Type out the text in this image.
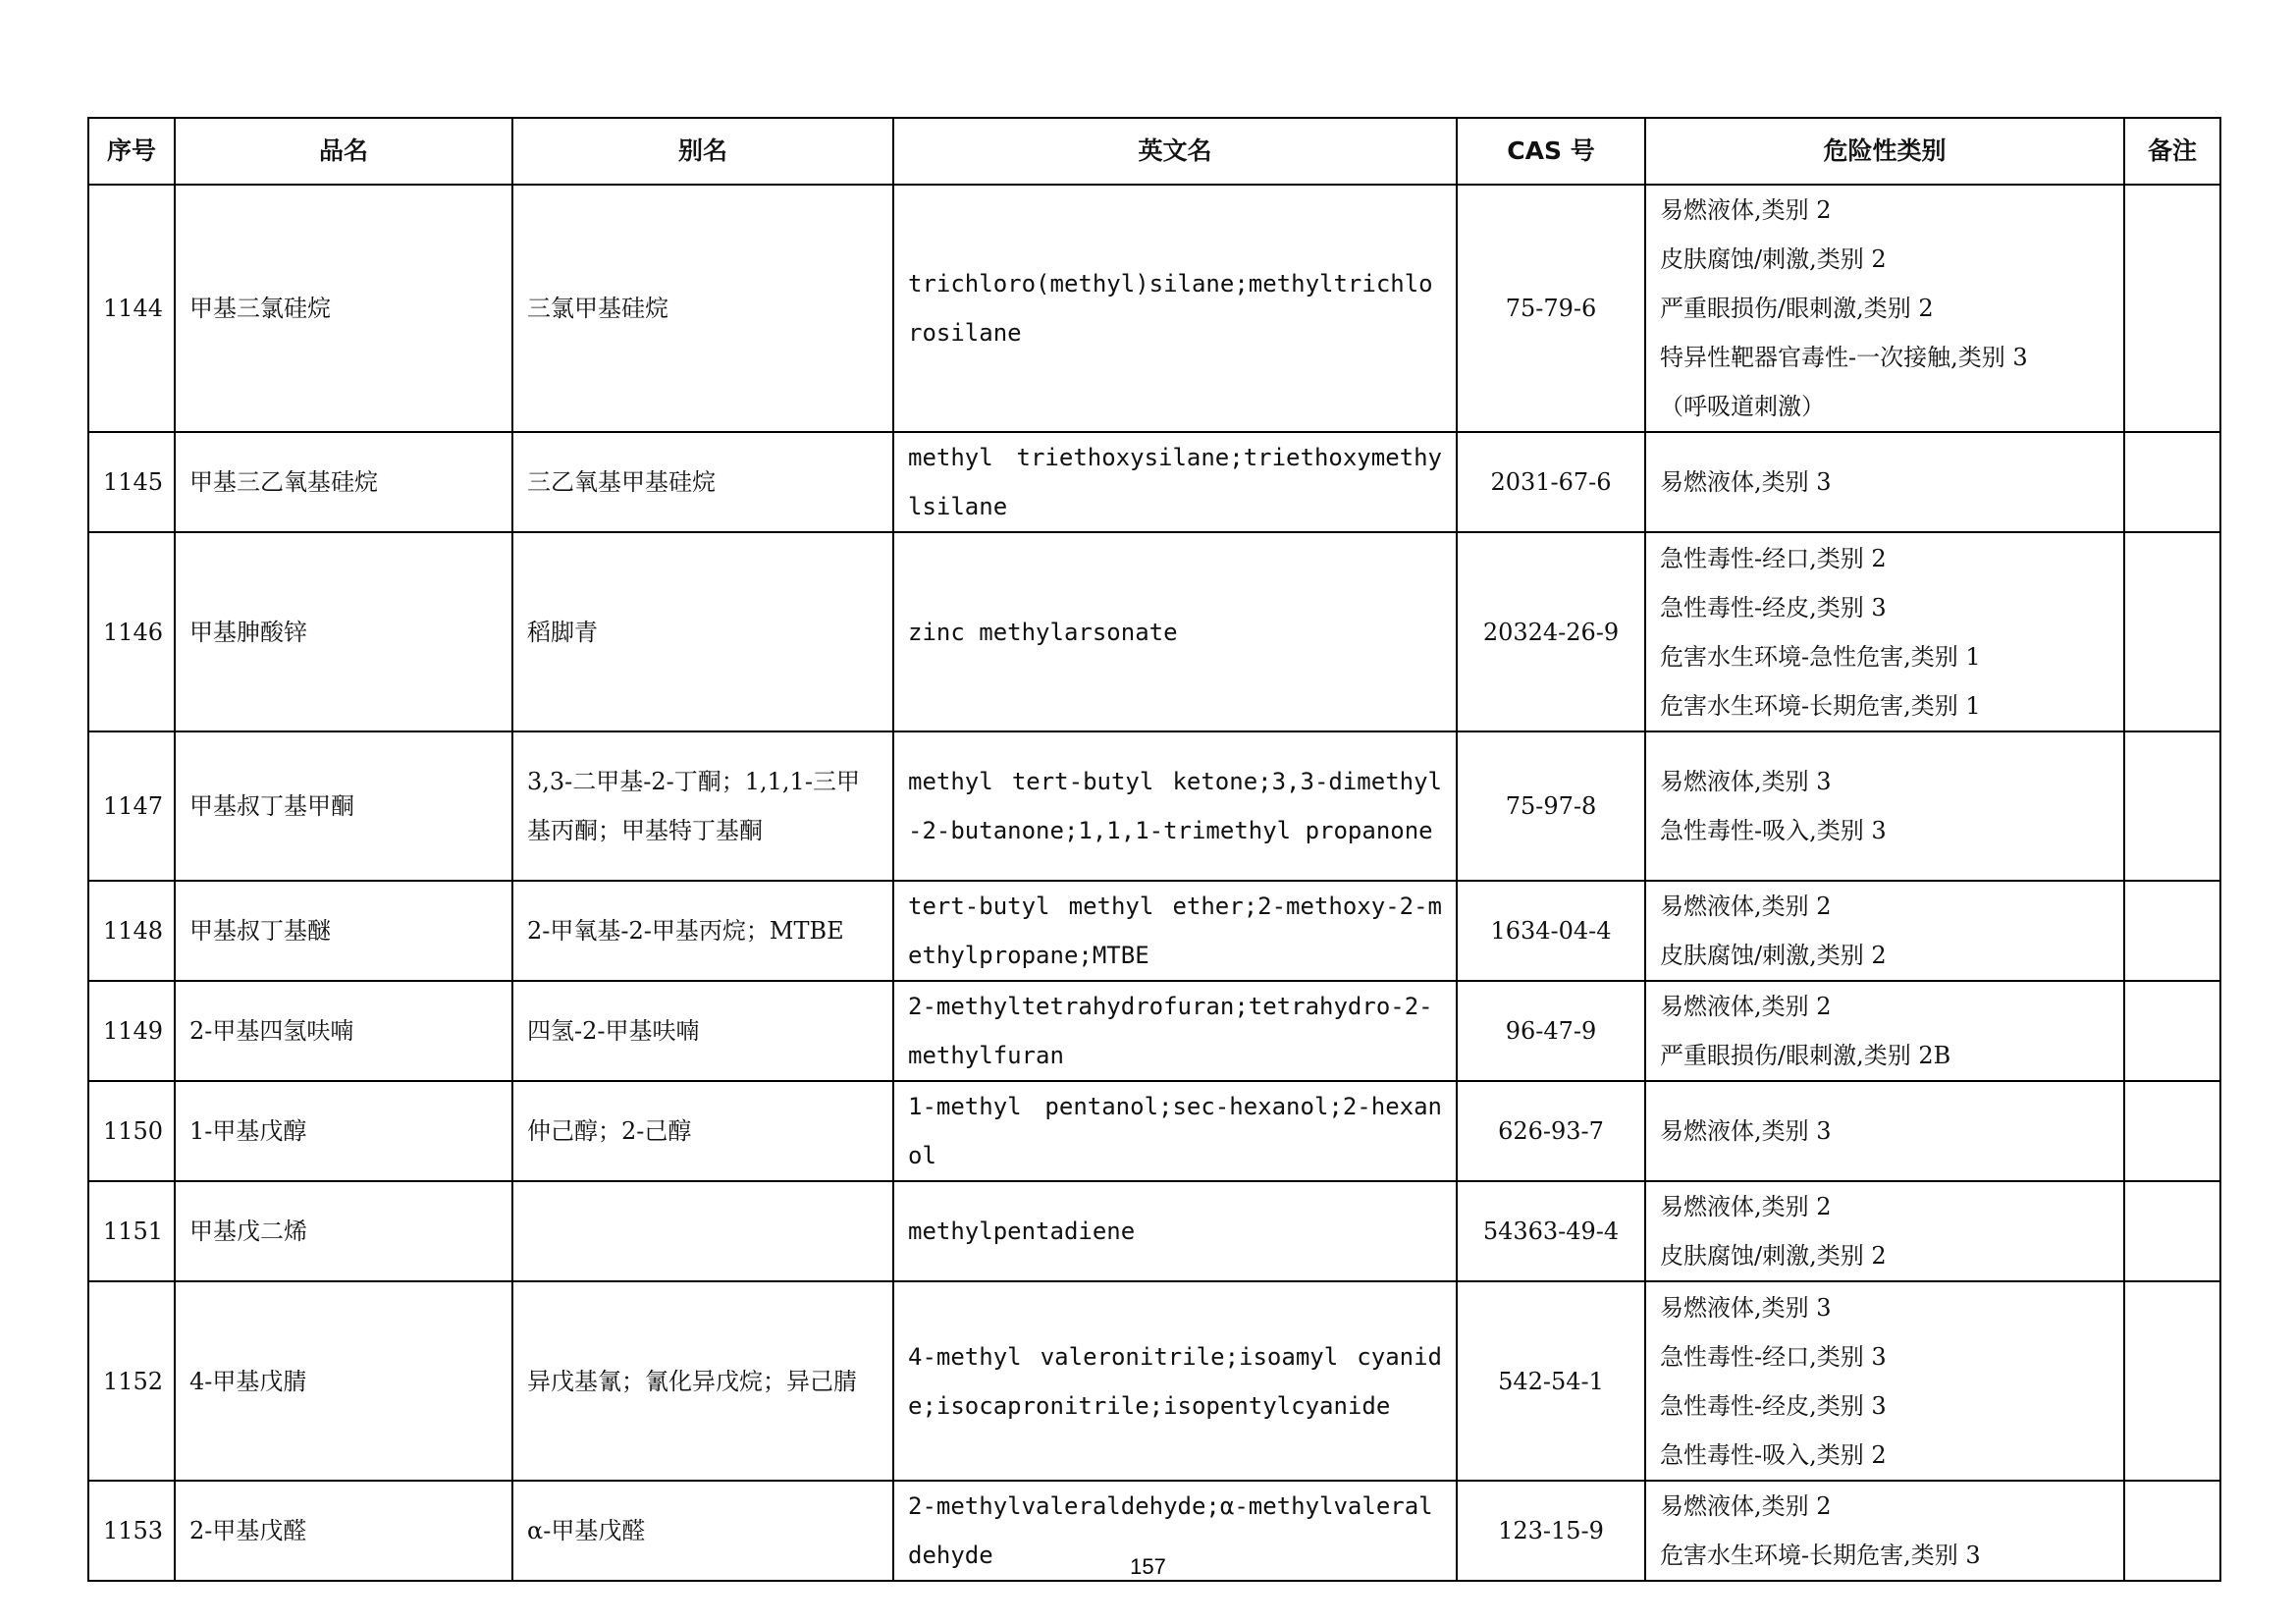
序号	品名	别名	英文名	CAS 号	危险性类别	备注
1144	甲基三氯硅烷	三氯甲基硅烷	trichloro(methyl)silane;methyltrichlorosilane	75-79-6	易燃液体,类别 2
皮肤腐蚀/刺激,类别 2
严重眼损伤/眼刺激,类别 2
特异性靶器官毒性-一次接触,类别 3
（呼吸道刺激）	

1145	甲基三乙氧基硅烷	三乙氧基甲基硅烷	methyl triethoxysilane;triethoxymethylsilane	2031-67-6	易燃液体,类别 3	

1146	甲基胂酸锌	稻脚青	zinc methylarsonate	20324-26-9	急性毒性-经口,类别 2
急性毒性-经皮,类别 3
危害水生环境-急性危害,类别 1
危害水生环境-长期危害,类别 1	

1147	甲基叔丁基甲酮	3,3-二甲基-2-丁酮；1,1,1-三甲基丙酮；甲基特丁基酮	methyl tert-butyl ketone;3,3-dimethyl-2-butanone;1,1,1-trimethyl propanone	75-97-8	易燃液体,类别 3
急性毒性-吸入,类别 3	

1148	甲基叔丁基醚	2-甲氧基-2-甲基丙烷；MTBE	tert-butyl methyl ether;2-methoxy-2-methylpropane;MTBE	1634-04-4	易燃液体,类别 2
皮肤腐蚀/刺激,类别 2	

1149	2-甲基四氢呋喃	四氢-2-甲基呋喃	2-methyltetrahydrofuran;tetrahydro-2-methylfuran	96-47-9	易燃液体,类别 2
严重眼损伤/眼刺激,类别 2B	

1150	1-甲基戊醇	仲己醇；2-己醇	1-methyl pentanol;sec-hexanol;2-hexanol	626-93-7	易燃液体,类别 3	

1151	甲基戊二烯		methylpentadiene	54363-49-4	易燃液体,类别 2
皮肤腐蚀/刺激,类别 2	

1152	4-甲基戊腈	异戊基氰；氰化异戊烷；异己腈	4-methyl valeronitrile;isoamyl cyanide;isocapronitrile;isopentylcyanide	542-54-1	易燃液体,类别 3
急性毒性-经口,类别 3
急性毒性-经皮,类别 3
急性毒性-吸入,类别 2	

1153	2-甲基戊醛	α-甲基戊醛	2-methylvaleraldehyde;α-methylvaleraldehyde	123-15-9	易燃液体,类别 2
危害水生环境-长期危害,类别 3	

157
